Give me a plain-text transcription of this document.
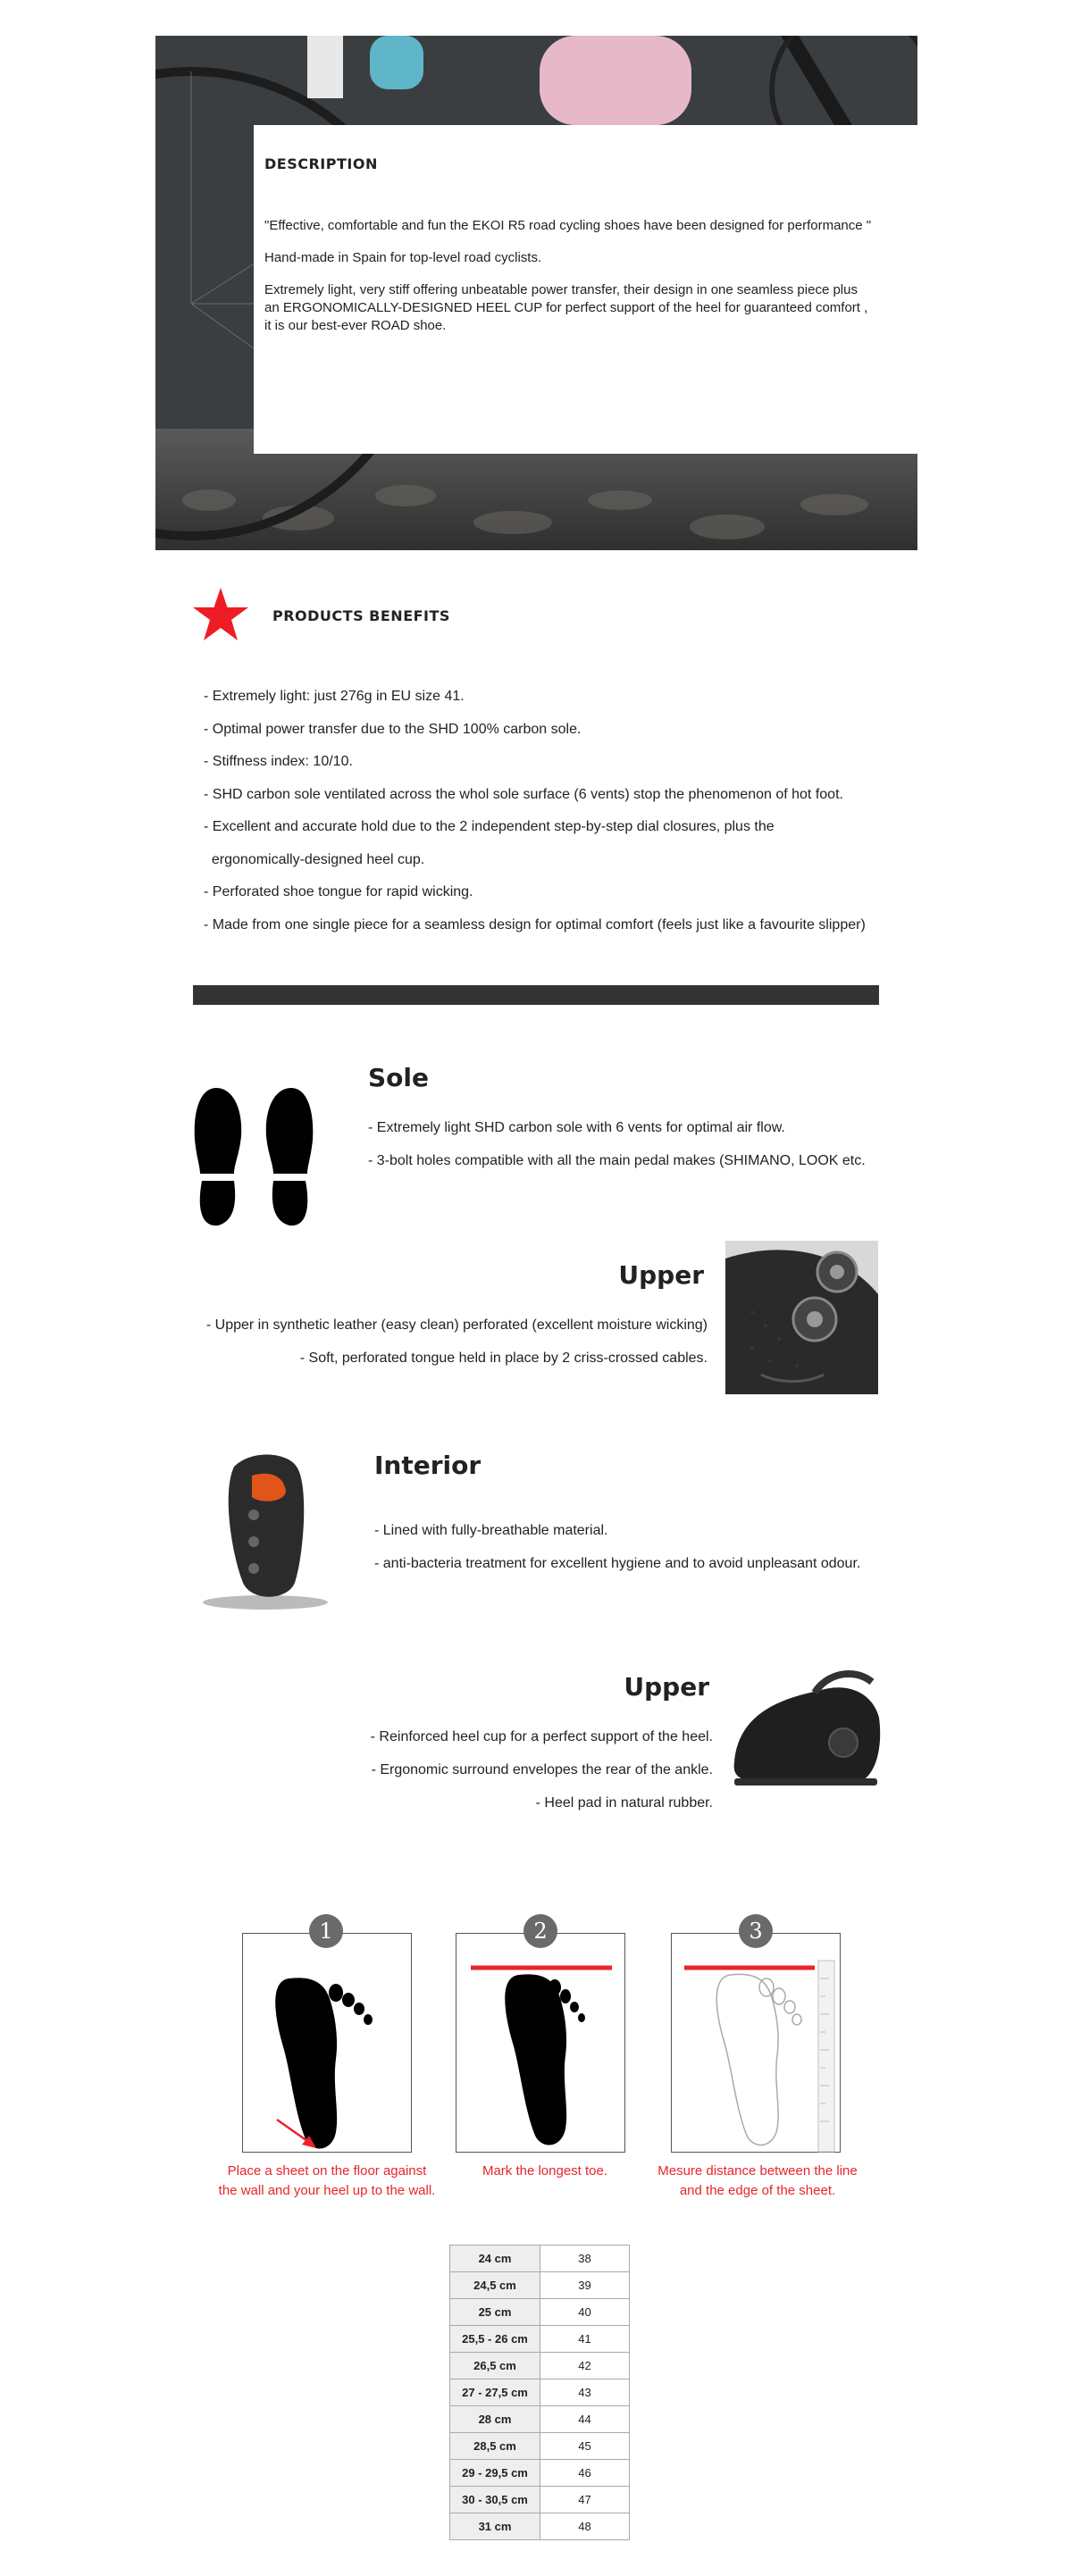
DESCRIPTION
"Effective, comfortable and fun the EKOI R5 road cycling shoes have been designed for performance "
Hand-made in Spain for top-level road cyclists.
Extremely light, very stiff offering unbeatable power transfer, their design in one seamless piece plus
an ERGONOMICALLY-DESIGNED HEEL CUP for perfect support of the heel for guaranteed comfort ,
it is our best-ever ROAD shoe.
PRODUCTS BENEFITS
- Extremely light: just 276g in EU size 41.
- Optimal power transfer due to the SHD 100% carbon sole.
- Stiffness index: 10/10.
- SHD carbon sole ventilated across the whol sole surface (6 vents) stop the phenomenon of hot foot.
- Excellent and accurate hold due to the 2 independent step-by-step dial closures, plus the
ergonomically-designed heel cup.
- Perforated shoe tongue for rapid wicking.
- Made from one single piece for a seamless design for optimal comfort (feels just like a favourite slipper)
Sole
- Extremely light SHD carbon sole with 6 vents for optimal air flow.
- 3-bolt holes compatible with all the main pedal makes (SHIMANO, LOOK etc.
Upper
- Upper in synthetic leather (easy clean) perforated (excellent moisture wicking)
- Soft, perforated tongue held in place by 2 criss-crossed cables.
Interior
- Lined with fully-breathable material.
- anti-bacteria treatment for excellent hygiene and to avoid unpleasant odour.
Upper
- Reinforced heel cup for a perfect support of the heel.
- Ergonomic surround envelopes the rear of the ankle.
- Heel pad in natural rubber.
1
Place a sheet on the floor against
the wall and your heel up to the wall.
2
Mark the longest toe.
3
Mesure distance between the line
and the edge of the sheet.
24 cm	38
24,5 cm	39
25 cm	40
25,5 - 26 cm	41
26,5 cm	42
27 - 27,5 cm	43
28 cm	44
28,5 cm	45
29 - 29,5 cm	46
30 - 30,5 cm	47
31 cm	48
